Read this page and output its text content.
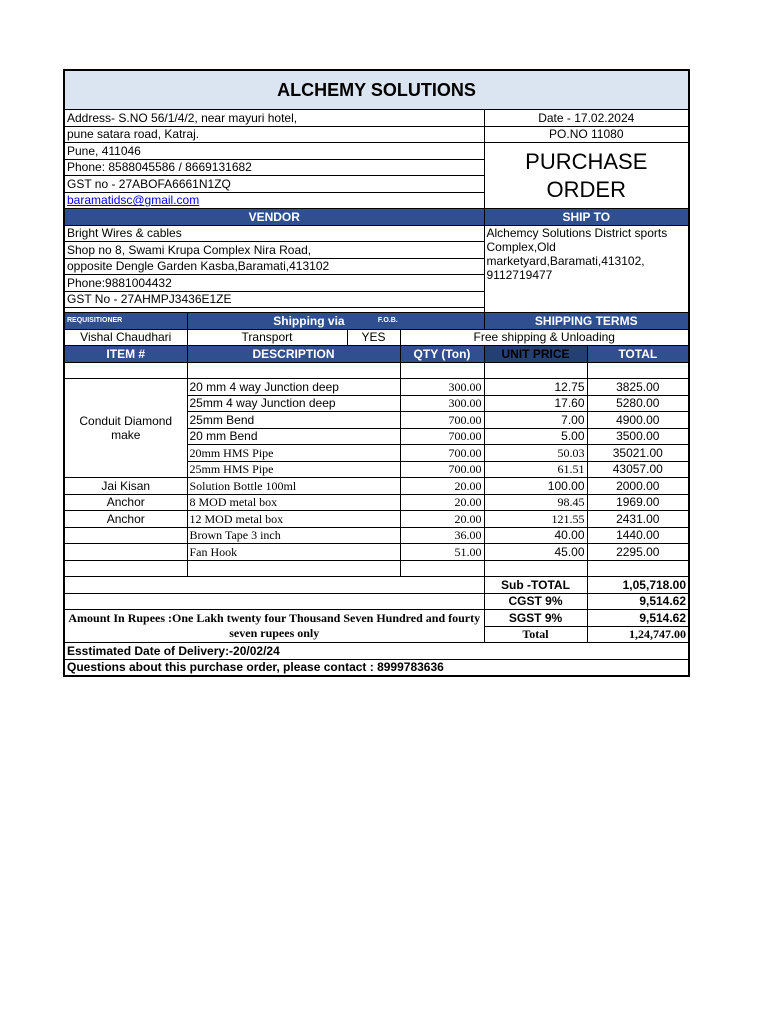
ALCHEMY SOLUTIONS					
Address- S.NO 56/1/4/2, near mayuri hotel,				Date - 17.02.2024	
pune satara road, Katraj.				PO.NO 11080	
Pune, 411046				PURCHASE ORDER	
Phone: 8588045586 / 8669131682					
GST no - 27ABOFA6661N1ZQ					
baramatidsc@gmail.com					
VENDOR				SHIP TO	
Bright Wires & cables				Alchemcy Solutions District sports Complex,Old marketyard,Baramati,413102, 9112719477	
Shop no 8, Swami Krupa Complex Nira Road,					
opposite Dengle Garden Kasba,Baramati,413102					
Phone:9881004432					
GST No - 27AHMPJ3436E1ZE					

REQUISITIONER	Shipping via F.O.B.			SHIPPING TERMS	
Vishal Chaudhari	Transport	YES	Free shipping & Unloading		
ITEM #	DESCRIPTION		QTY (Ton)	UNIT PRICE	TOTAL

Conduit Diamond make	20 mm 4 way Junction deep		300.00	12.75	3825.00
	25mm 4 way Junction deep		300.00	17.60	5280.00
	25mm Bend		700.00	7.00	4900.00
	20 mm Bend		700.00	5.00	3500.00
	20mm HMS Pipe		700.00	50.03	35021.00
	25mm HMS Pipe		700.00	61.51	43057.00
Jai Kisan	Solution Bottle 100ml		20.00	100.00	2000.00
Anchor	8 MOD metal box		20.00	98.45	1969.00
Anchor	12 MOD metal box		20.00	121.55	2431.00
	Brown Tape 3 inch		36.00	40.00	1440.00
	Fan Hook		51.00	45.00	2295.00

				Sub -TOTAL	1,05,718.00
				CGST 9%	9,514.62
Amount In Rupees :One Lakh twenty four Thousand Seven Hundred and fourty seven rupees only				SGST 9%	9,514.62
				Total	1,24,747.00
Esstimated Date of Delivery:-20/02/24					
Questions about this purchase order, please contact : 8999783636					
